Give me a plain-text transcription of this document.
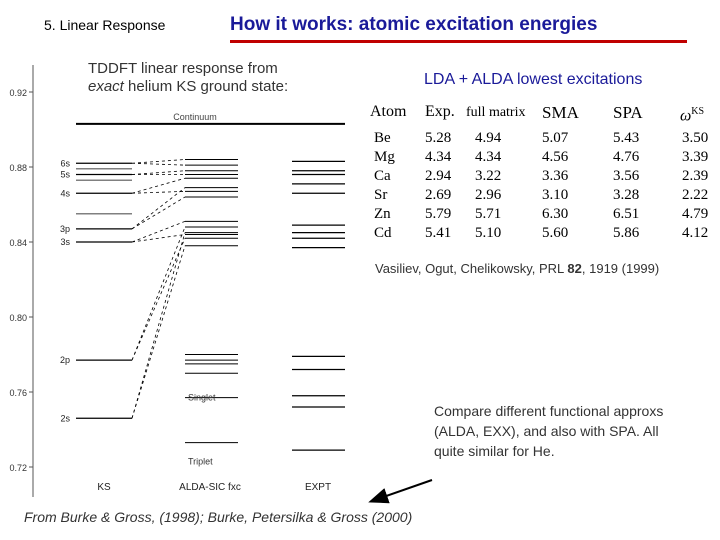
5. Linear Response	How it works: atomic excitation energies
TDDFT linear response from
exact helium KS ground state:	LDA + ALDA lowest excitations
Atom Exp. full matrix SMA SPA $\omega^{KS}$
Be 5.28 4.94	5.07	5.43	3.50
Mg 4.34 4.34	4.56	4.76	3.39
Ca 2.94 3.22	3.36	3.56	2.39
Sr	2.69 2.96	3.10	3.28	2.22
Zn 5.79 5.71	6.30	6.51	4.79
Cd 5.41 5.10	5.60	5.86	4.12
Vasiliev, Ogut, Chelikowsky, PRL 82, 1919 (1999)
Compare different functional approxs (ALDA, EXX), and also with SPA. All quite similar for He.
From Burke & Gross, (1998); Burke, Petersilka & Gross (2000)
0.72
0.76
0.80
0.84
0.88
0.92
Continuum
6s
5s
4s
3p
3s
2p
2s
Singlet
Triplet
KS	ALDA-SIC fxc	EXPT
